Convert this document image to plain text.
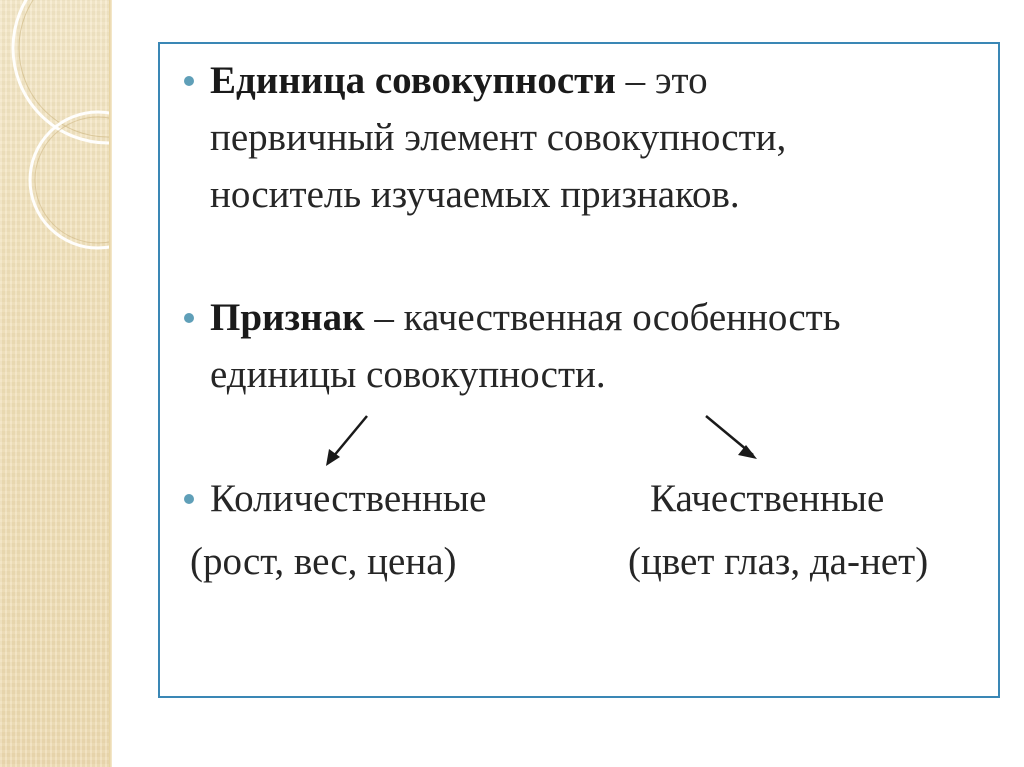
Единица совокупности – это
первичный элемент совокупности,
носитель изучаемых признаков.
Признак – качественная особенность
единицы совокупности.
Количественные	Качественные
(рост, вес, цена)	(цвет глаз, да-нет)
